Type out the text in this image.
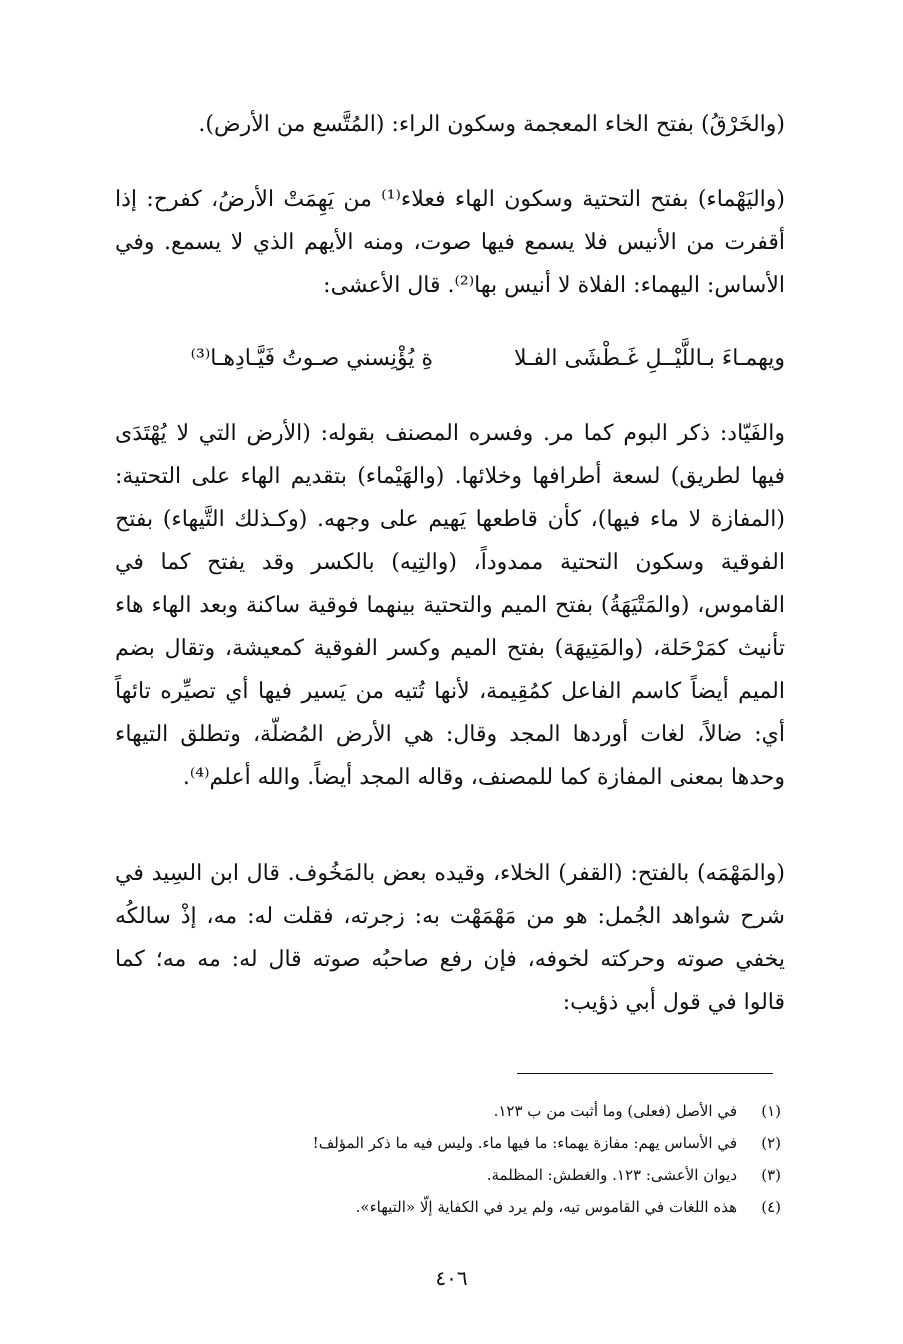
(والخَرْقُ) بفتح الخاء المعجمة وسكون الراء: (المُتَّسع من الأرض).

(واليَهْماء) بفتح التحتية وسكون الهاء فعلاء⁽¹⁾ من يَهِمَتْ الأرضُ، كفرح: إذا أقفرت من الأنيس فلا يسمع فيها صوت، ومنه الأيهم الذي لا يسمع. وفي الأساس: اليهماء: الفلاة لا أنيس بها⁽²⁾. قال الأعشى:

ويهمـاءَ بـاللَّيْــلِ غَـطْشَى الفـلا
ةِ يُؤْنِسني صـوتُ فَيَّـادِهـا⁽³⁾

والفَيّاد: ذكر البوم كما مر. وفسره المصنف بقوله: (الأرض التي لا يُهْتَدَى فيها لطريق) لسعة أطرافها وخلائها. (والهَيْماء) بتقديم الهاء على التحتية: (المفازة لا ماء فيها)، كأن قاطعها يَهيم على وجهه. (وكـذلك التَّيهاء) بفتح الفوقية وسكون التحتية ممدوداً، (والتِيه) بالكسر وقد يفتح كما في القاموس، (والمَتْيَهَةُ) بفتح الميم والتحتية بينهما فوقية ساكنة وبعد الهاء هاء تأنيث كمَرْحَلة، (والمَتِيهَة) بفتح الميم وكسر الفوقية كمعيشة، وتقال بضم الميم أيضاً كاسم الفاعل كمُقِيمة، لأنها تُتيه من يَسير فيها أي تصيِّره تائهاً أي: ضالاً، لغات أوردها المجد وقال: هي الأرض المُضلّة، وتطلق التيهاء وحدها بمعنى المفازة كما للمصنف، وقاله المجد أيضاً. والله أعلم⁽⁴⁾.

(والمَهْمَه) بالفتح: (القفر) الخلاء، وقيده بعض بالمَخُوف. قال ابن السِيد في شرح شواهد الجُمل: هو من مَهْمَهْت به: زجرته، فقلت له: مه، إذْ سالكُه يخفي صوته وحركته لخوفه، فإن رفع صاحبُه صوته قال له: مه مه؛ كما قالوا في قول أبي ذؤيب:

(١)
في الأصل (فعلى) وما أثبت من ب ١٢٣.
(٢)
في الأساس يهم: مفازة يهماء: ما فيها ماء. وليس فيه ما ذكر المؤلف!
(٣)
ديوان الأعشى: ١٢٣. والغطش: المظلمة.
(٤)
هذه اللغات في القاموس تيه، ولم يرد في الكفاية إلّا «التيهاء».
٤٠٦
